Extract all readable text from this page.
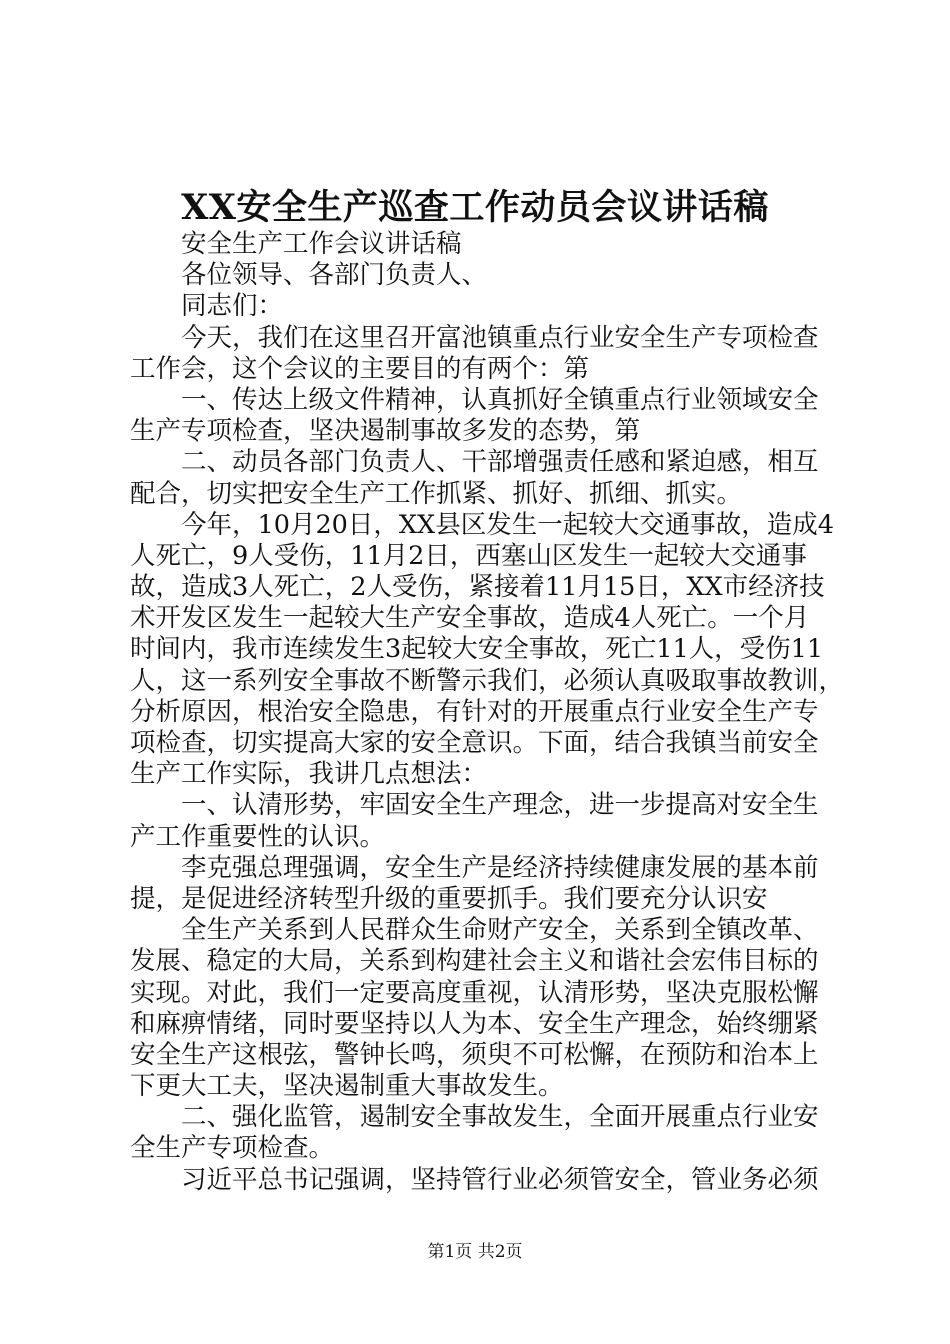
XX安全生产巡查工作动员会议讲话稿
安全生产工作会议讲话稿
各位领导、各部门负责人、
同志们：
今天，我们在这里召开富池镇重点行业安全生产专项检查
工作会，这个会议的主要目的有两个：第
一、传达上级文件精神，认真抓好全镇重点行业领域安全
生产专项检查，坚决遏制事故多发的态势，第
二、动员各部门负责人、干部增强责任感和紧迫感，相互
配合，切实把安全生产工作抓紧、抓好、抓细、抓实。
今年，10月20日，XX县区发生一起较大交通事故，造成4
人死亡，9人受伤，11月2日，西塞山区发生一起较大交通事
故，造成3人死亡，2人受伤，紧接着11月15日，XX市经济技
术开发区发生一起较大生产安全事故，造成4人死亡。一个月
时间内，我市连续发生3起较大安全事故，死亡11人，受伤11
人，这一系列安全事故不断警示我们，必须认真吸取事故教训，
分析原因，根治安全隐患，有针对的开展重点行业安全生产专
项检查，切实提高大家的安全意识。下面，结合我镇当前安全
生产工作实际，我讲几点想法：
一、认清形势，牢固安全生产理念，进一步提高对安全生
产工作重要性的认识。
李克强总理强调，安全生产是经济持续健康发展的基本前
提，是促进经济转型升级的重要抓手。我们要充分认识安
全生产关系到人民群众生命财产安全，关系到全镇改革、
发展、稳定的大局，关系到构建社会主义和谐社会宏伟目标的
实现。对此，我们一定要高度重视，认清形势，坚决克服松懈
和麻痹情绪，同时要坚持以人为本、安全生产理念，始终绷紧
安全生产这根弦，警钟长鸣，须臾不可松懈，在预防和治本上
下更大工夫，坚决遏制重大事故发生。
二、强化监管，遏制安全事故发生，全面开展重点行业安
全生产专项检查。
习近平总书记强调，坚持管行业必须管安全，管业务必须
第1页 共2页
